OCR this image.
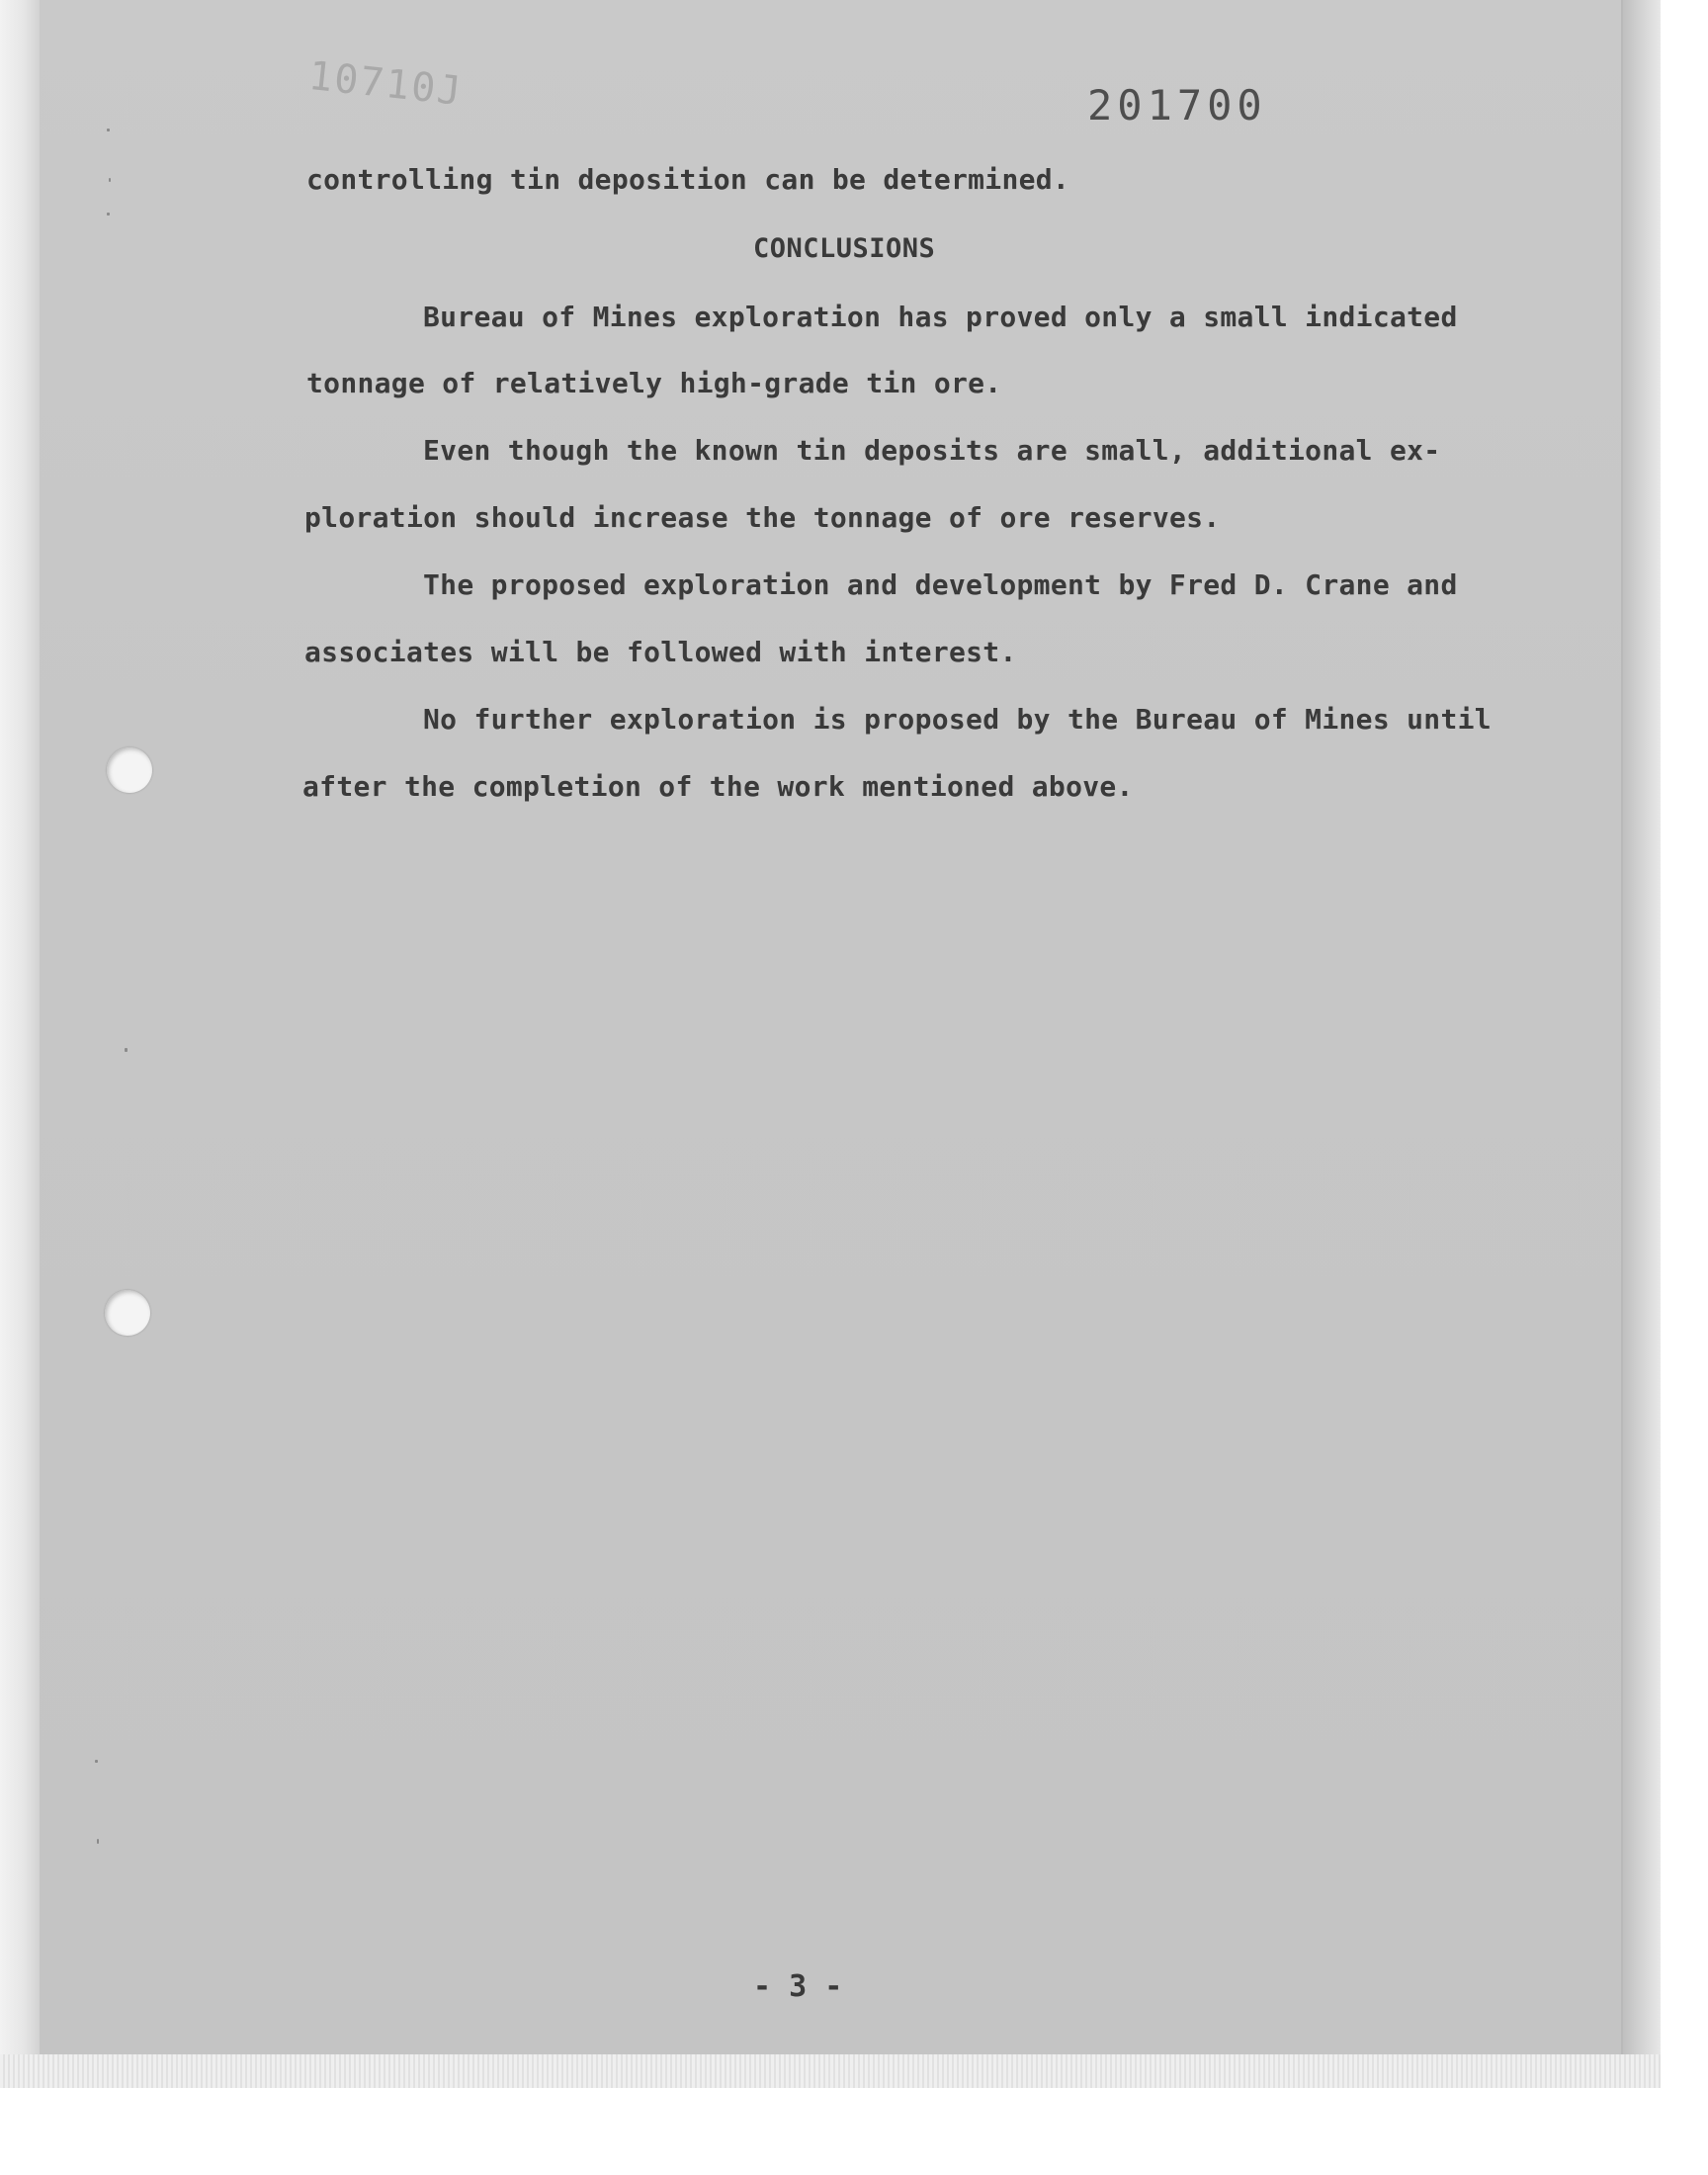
10710J	201700
controlling tin deposition can be determined.
CONCLUSIONS
Bureau of Mines exploration has proved only a small indicated
tonnage of relatively high-grade tin ore.
Even though the known tin deposits are small, additional ex-
ploration should increase the tonnage of ore reserves.
The proposed exploration and development by Fred D. Crane and
associates will be followed with interest.
No further exploration is proposed by the Bureau of Mines until
after the completion of the work mentioned above.
- 3 -
